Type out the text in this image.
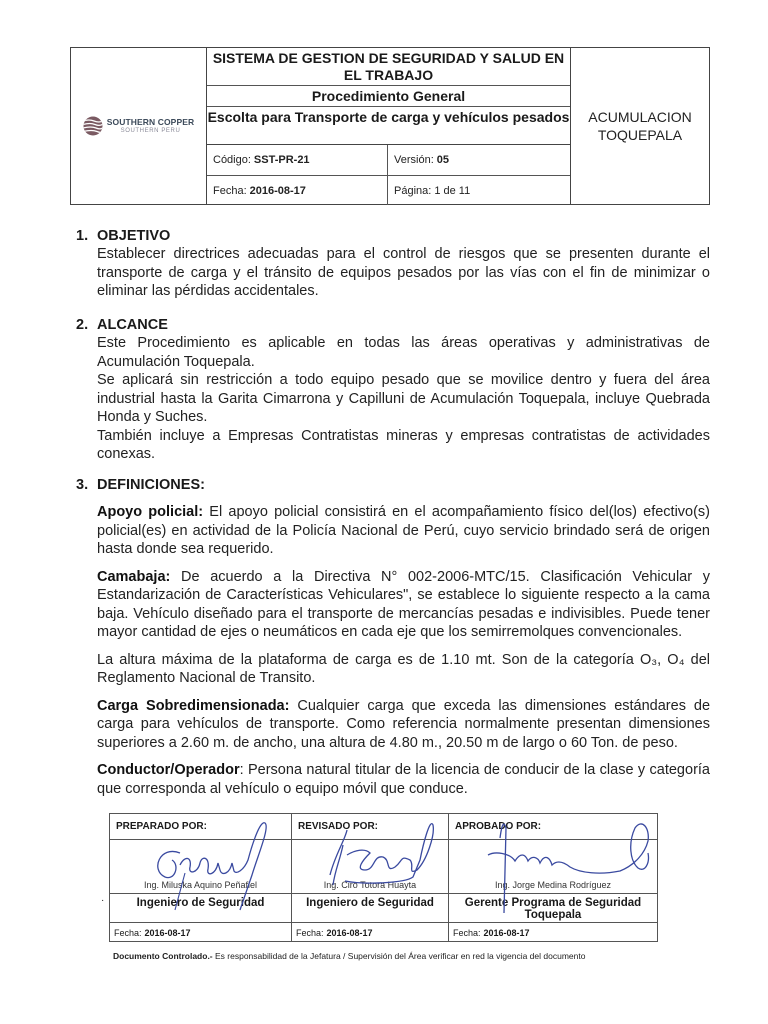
SOUTHERN COPPER
SOUTHERN PERU
SISTEMA DE GESTION DE SEGURIDAD Y SALUD EN EL TRABAJO
Procedimiento General
Escolta para Transporte de carga y vehículos pesados
Código: SST-PR-21	Versión: 05
Fecha: 2016-08-17	Página: 1 de 11
ACUMULACION
TOQUEPALA
1. OBJETIVO
Establecer directrices adecuadas para el control de riesgos que se presenten durante el transporte de carga y el tránsito de equipos pesados por las vías con el fin de minimizar o eliminar las pérdidas accidentales.
2. ALCANCE
Este Procedimiento es aplicable en todas las áreas operativas y administrativas de Acumulación Toquepala.
Se aplicará sin restricción a todo equipo pesado que se movilice dentro y fuera del área industrial hasta la Garita Cimarrona y Capilluni de Acumulación Toquepala, incluye Quebrada Honda y Suches.
También incluye a Empresas Contratistas mineras y empresas contratistas de actividades conexas.
3. DEFINICIONES:
Apoyo policial: El apoyo policial consistirá en el acompañamiento físico del(los) efectivo(s) policial(es) en actividad de la Policía Nacional de Perú, cuyo servicio brindado será de origen hasta donde sea requerido.
Camabaja: De acuerdo a la Directiva N° 002-2006-MTC/15. Clasificación Vehicular y Estandarización de Características Vehiculares", se establece lo siguiente respecto a la cama baja. Vehículo diseñado para el transporte de mercancías pesadas e indivisibles. Puede tener mayor cantidad de ejes o neumáticos en cada eje que los semirremolques convencionales.
La altura máxima de la plataforma de carga es de 1.10 mt. Son de la categoría O₃, O₄ del Reglamento Nacional de Transito.
Carga Sobredimensionada: Cualquier carga que exceda las dimensiones estándares de carga para vehículos de transporte. Como referencia normalmente presentan dimensiones superiores a 2.60 m. de ancho, una altura de 4.80 m., 20.50 m de largo o 60 Ton. de peso.
Conductor/Operador: Persona natural titular de la licencia de conducir de la clase y categoría que corresponda al vehículo o equipo móvil que conduce.
·
PREPARADO POR:
Ing. Miluska Aquino Peñafiel
Ingeniero de Seguridad
Fecha: 2016-08-17
REVISADO POR:
Ing. Ciro Totora Huayta
Ingeniero de Seguridad
Fecha: 2016-08-17
APROBADO POR:
Ing. Jorge Medina Rodríguez
Gerente Programa de Seguridad Toquepala
Fecha: 2016-08-17
Documento Controlado.- Es responsabilidad de la Jefatura / Supervisión del Área verificar en red la vigencia del documento
